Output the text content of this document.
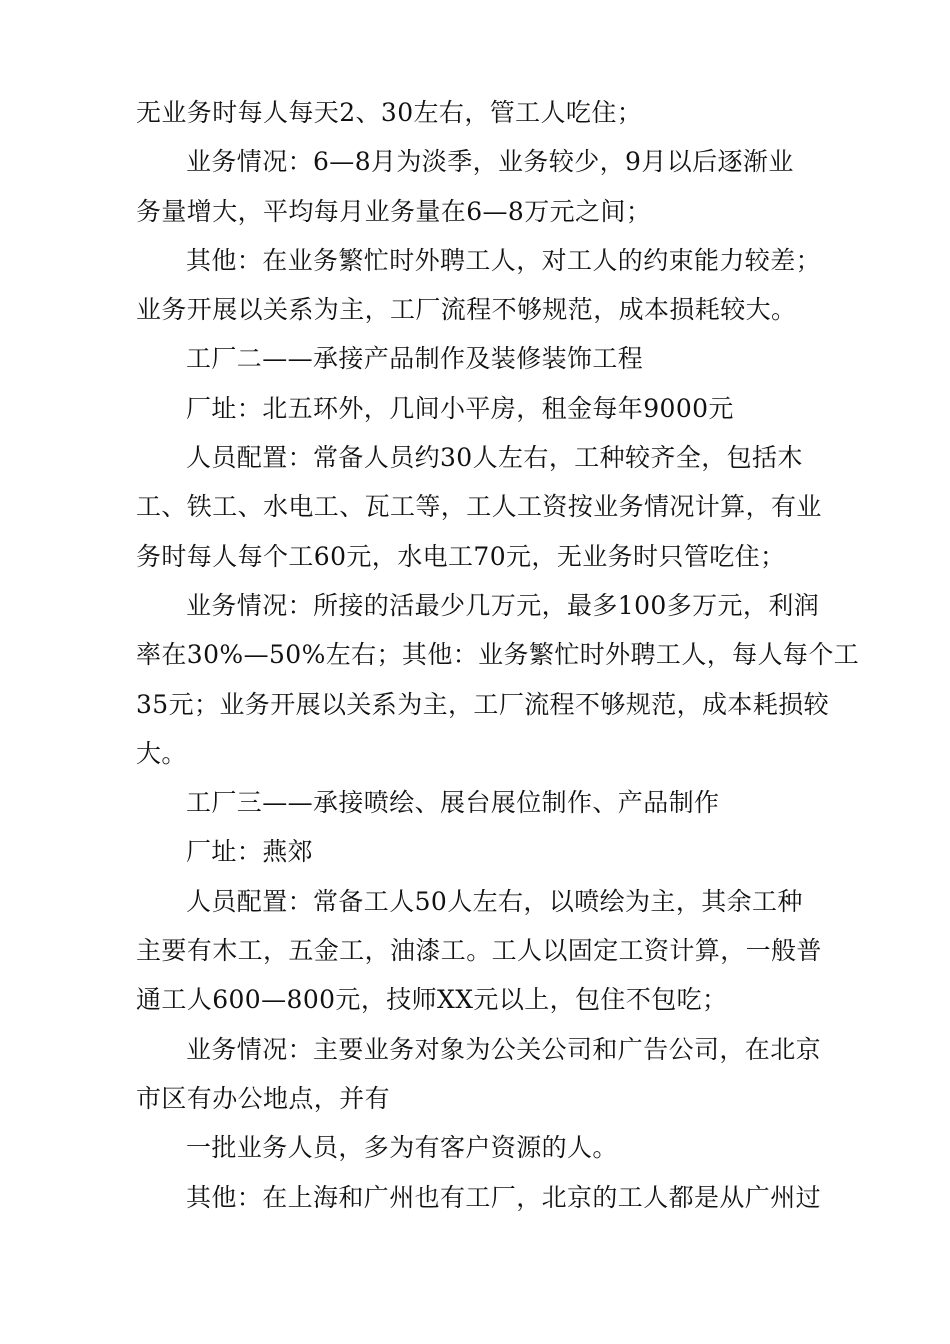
无业务时每人每天2、30左右，管工人吃住；
业务情况：6—8月为淡季，业务较少，9月以后逐渐业
务量增大，平均每月业务量在6—8万元之间；
其他：在业务繁忙时外聘工人，对工人的约束能力较差；
业务开展以关系为主，工厂流程不够规范，成本损耗较大。
工厂二——承接产品制作及装修装饰工程
厂址：北五环外，几间小平房，租金每年9000元
人员配置：常备人员约30人左右，工种较齐全，包括木
工、铁工、水电工、瓦工等，工人工资按业务情况计算，有业
务时每人每个工60元，水电工70元，无业务时只管吃住；
业务情况：所接的活最少几万元，最多100多万元，利润
率在30%—50%左右；其他：业务繁忙时外聘工人，每人每个工
35元；业务开展以关系为主，工厂流程不够规范，成本耗损较
大。
工厂三——承接喷绘、展台展位制作、产品制作
厂址：燕郊
人员配置：常备工人50人左右，以喷绘为主，其余工种
主要有木工，五金工，油漆工。工人以固定工资计算，一般普
通工人600—800元，技师XX元以上，包住不包吃；
业务情况：主要业务对象为公关公司和广告公司，在北京
市区有办公地点，并有
一批业务人员，多为有客户资源的人。
其他：在上海和广州也有工厂，北京的工人都是从广州过
